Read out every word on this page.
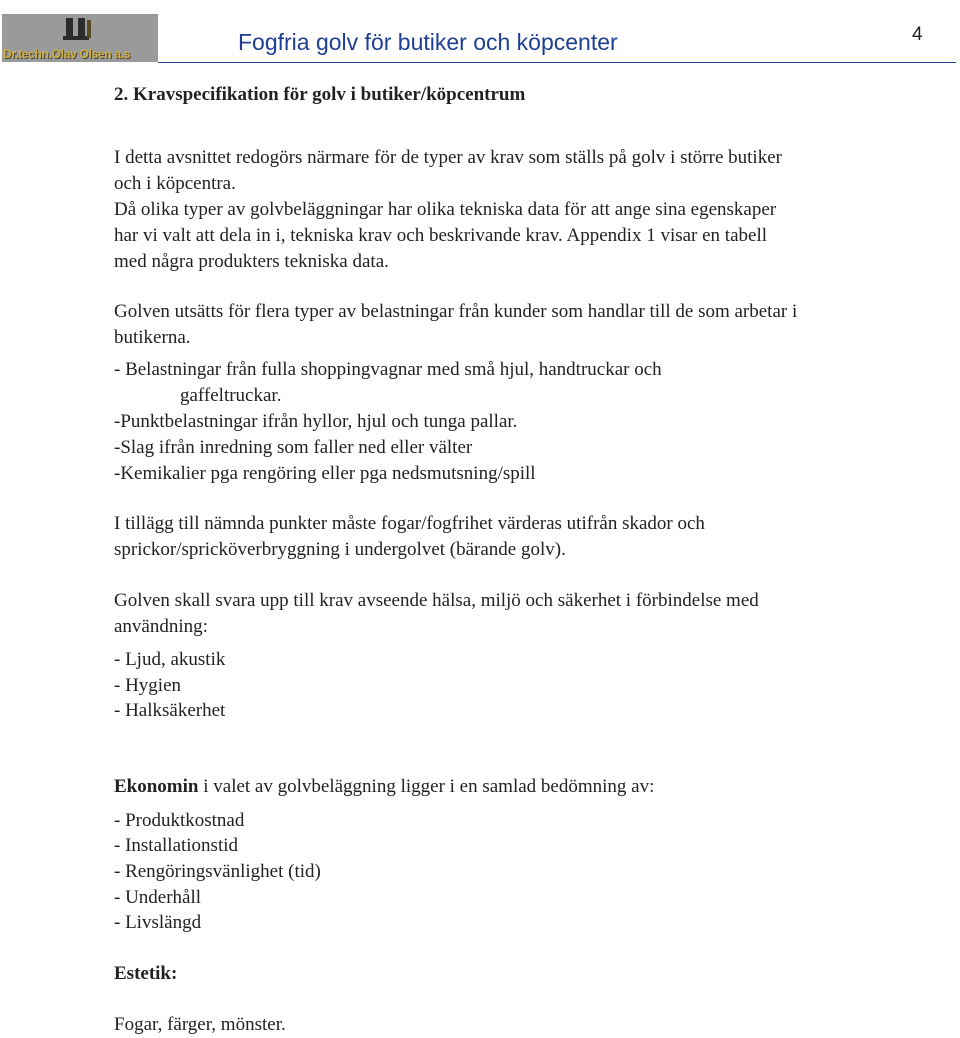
Dr.techn.Olav Olsen a.s	Fogfria golv för butiker och köpcenter	4
2. Kravspecifikation för golv i butiker/köpcentrum
I detta avsnittet redogörs närmare för de typer av krav som ställs på golv i större butiker
och i köpcentra.
Då olika typer av golvbeläggningar har olika tekniska data för att ange sina egenskaper
har vi valt att dela in i, tekniska krav och beskrivande krav. Appendix 1 visar en tabell
med några produkters tekniska data.
Golven utsätts för flera typer av belastningar från kunder som handlar till de som arbetar i
butikerna.
- Belastningar från fulla shoppingvagnar med små hjul, handtruckar och
gaffeltruckar.
-Punktbelastningar ifrån hyllor, hjul och tunga pallar.
-Slag ifrån inredning som faller ned eller välter
-Kemikalier pga rengöring eller pga nedsmutsning/spill
I tillägg till nämnda punkter måste fogar/fogfrihet värderas utifrån skador och
sprickor/spricköverbryggning i undergolvet (bärande golv).
Golven skall svara upp till krav avseende hälsa, miljö och säkerhet i förbindelse med
användning:
- Ljud, akustik
- Hygien
- Halksäkerhet
Ekonomin i valet av golvbeläggning ligger i en samlad bedömning av:
- Produktkostnad
- Installationstid
- Rengöringsvänlighet (tid)
- Underhåll
- Livslängd
Estetik:
Fogar, färger, mönster.
